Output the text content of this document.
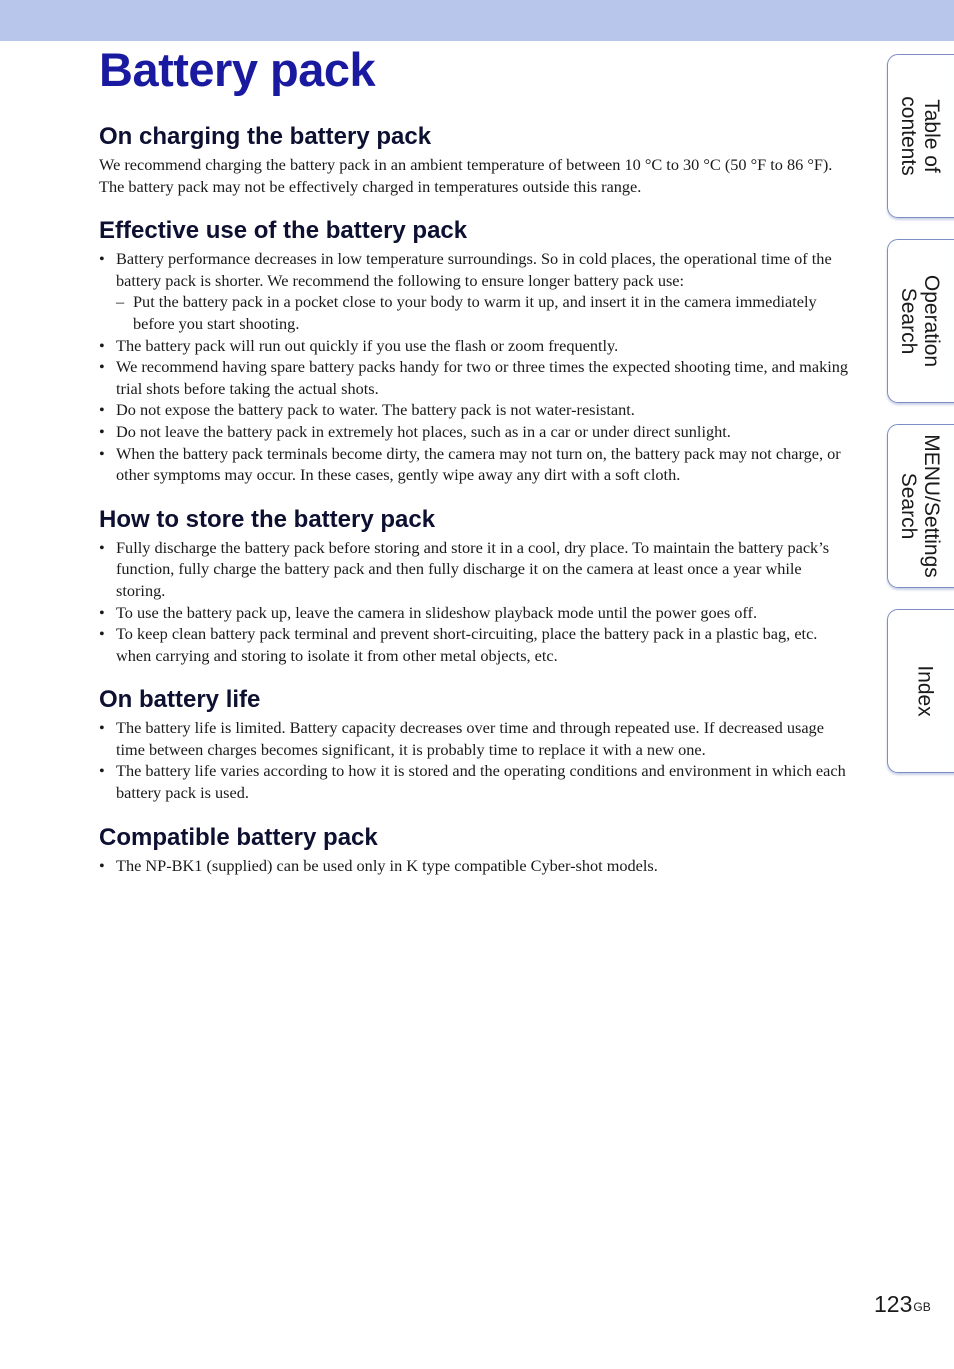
Battery pack
On charging the battery pack

We recommend charging the battery pack in an ambient temperature of between 10 °C to 30 °C (50 °F to 86 °F). The battery pack may not be effectively charged in temperatures outside this range.

Effective use of the battery pack
• Battery performance decreases in low temperature surroundings. So in cold places, the operational time of the battery pack is shorter. We recommend the following to ensure longer battery pack use:
– Put the battery pack in a pocket close to your body to warm it up, and insert it in the camera immediately before you start shooting.
• The battery pack will run out quickly if you use the flash or zoom frequently.
• We recommend having spare battery packs handy for two or three times the expected shooting time, and making trial shots before taking the actual shots.
• Do not expose the battery pack to water. The battery pack is not water-resistant.
• Do not leave the battery pack in extremely hot places, such as in a car or under direct sunlight.
• When the battery pack terminals become dirty, the camera may not turn on, the battery pack may not charge, or other symptoms may occur. In these cases, gently wipe away any dirt with a soft cloth.
How to store the battery pack
• Fully discharge the battery pack before storing and store it in a cool, dry place. To maintain the battery pack’s function, fully charge the battery pack and then fully discharge it on the camera at least once a year while storing.
• To use the battery pack up, leave the camera in slideshow playback mode until the power goes off.
• To keep clean battery pack terminal and prevent short-circuiting, place the battery pack in a plastic bag, etc. when carrying and storing to isolate it from other metal objects, etc.
On battery life
• The battery life is limited. Battery capacity decreases over time and through repeated use. If decreased usage time between charges becomes significant, it is probably time to replace it with a new one.
• The battery life varies according to how it is stored and the operating conditions and environment in which each battery pack is used.
Compatible battery pack
• The NP-BK1 (supplied) can be used only in K type compatible Cyber-shot models.
Table of
contents
Operation
Search
MENU/Settings
Search
Index
$123^{GB}$
